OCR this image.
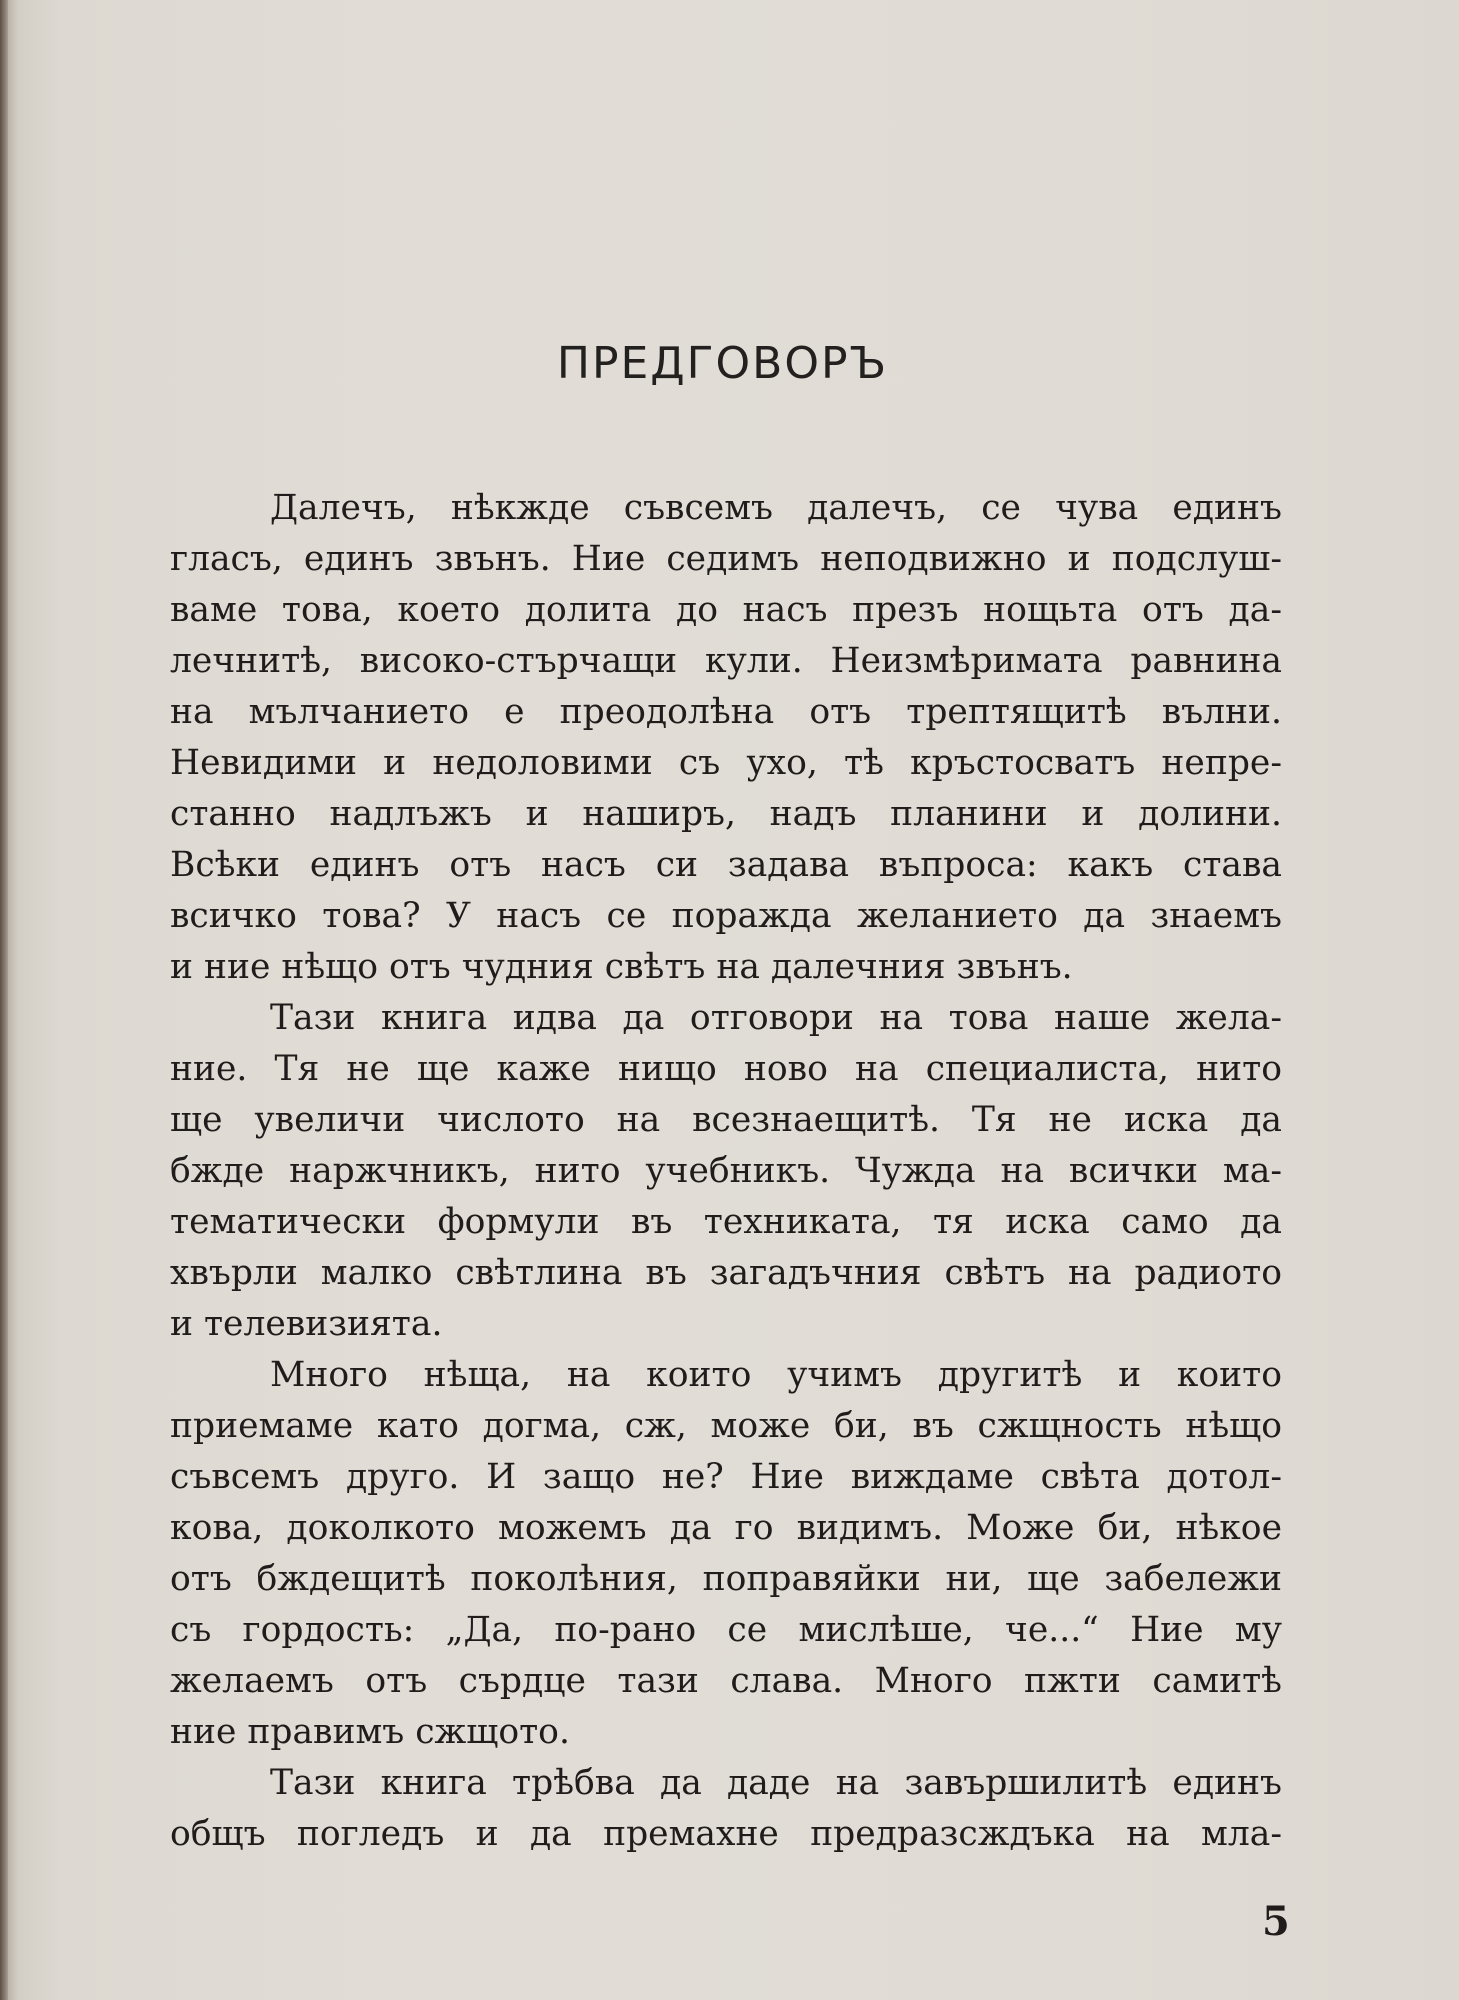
ПРЕДГОВОРЪ
Далечъ, нѣкжде съвсемъ далечъ, се чува единъ
гласъ, единъ звънъ. Ние седимъ неподвижно и подслуш-
ваме това, което долита до насъ презъ нощьта отъ да-
лечнитѣ, високо-стърчащи кули. Неизмѣримата равнина
на мълчанието е преодолѣна отъ трептящитѣ вълни.
Невидими и недоловими съ ухо, тѣ кръстосватъ непре-
станно надлъжъ и наширъ, надъ планини и долини.
Всѣки единъ отъ насъ си задава въпроса: какъ става
всичко това? У насъ се поражда желанието да знаемъ
и ние нѣщо отъ чудния свѣтъ на далечния звънъ.
Тази книга идва да отговори на това наше жела-
ние. Тя не ще каже нищо ново на специалиста, нито
ще увеличи числото на всезнаещитѣ. Тя не иска да
бжде наржчникъ, нито учебникъ. Чужда на всички ма-
тематически формули въ техниката, тя иска само да
хвърли малко свѣтлина въ загадъчния свѣтъ на радиото
и телевизията.
Много нѣща, на които учимъ другитѣ и които
приемаме като догма, сж, може би, въ сжщность нѣщо
съвсемъ друго. И защо не? Ние виждаме свѣта дотол-
кова, доколкото можемъ да го видимъ. Може би, нѣкое
отъ бждещитѣ поколѣния, поправяйки ни, ще забележи
съ гордость: „Да, по-рано се мислѣше, че...“ Ние му
желаемъ отъ сърдце тази слава. Много пжти самитѣ
ние правимъ сжщото.
Тази книга трѣбва да даде на завършилитѣ единъ
общъ погледъ и да премахне предразсждъка на мла-
5
